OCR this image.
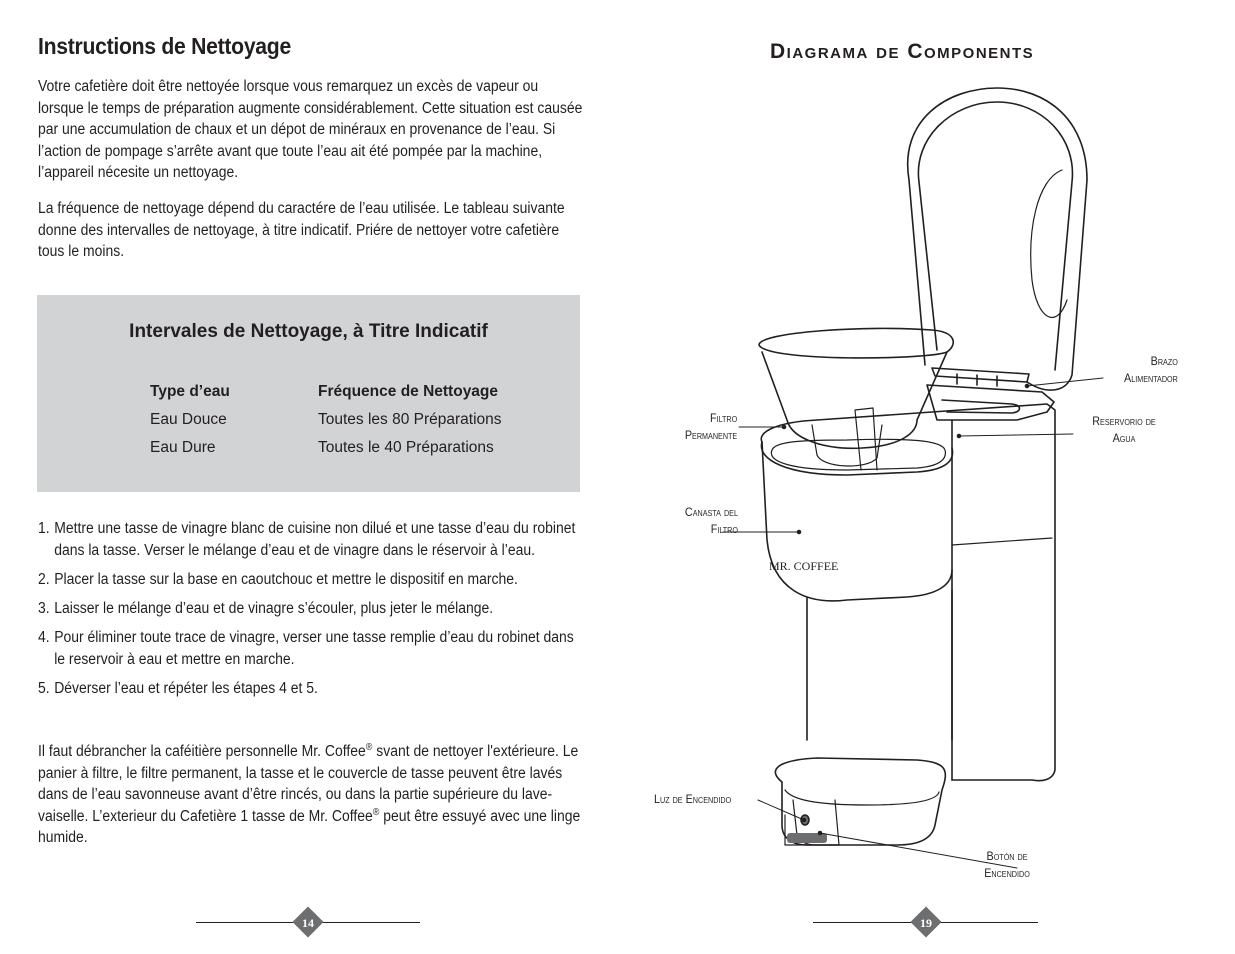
Instructions de Nettoyage

Votre cafetière doit être nettoyée lorsque vous remarquez un excès de vapeur ou lorsque le temps de préparation augmente considérablement. Cette situation est causée par une accumulation de chaux et un dépot de minéraux en provenance de l’eau. Si l’action de pompage s’arrête avant que toute l’eau ait été pompée par la machine, l’appareil nécesite un nettoyage.

La fréquence de nettoyage dépend du caractére de l’eau utilisée. Le tableau suivante donne des intervalles de nettoyage, à titre indicatif. Priére de nettoyer votre cafetière tous le moins.

Intervales de Nettoyage, à Titre Indicatif
Type d’eau	Fréquence de Nettoyage
Eau Douce	Toutes les 80 Préparations
Eau Dure	Toutes le 40 Préparations
1. Mettre une tasse de vinagre blanc de cuisine non dilué et une tasse d’eau du robinet dans la tasse. Verser le mélange d’eau et de vinagre dans le réservoir à l’eau.
2. Placer la tasse sur la base en caoutchouc et mettre le dispositif en marche.
3. Laisser le mélange d’eau et de vinagre s’écouler, plus jeter le mélange.
4. Pour éliminer toute trace de vinagre, verser une tasse remplie d’eau du robinet dans le reservoir à eau et mettre en marche.
5. Déverser l’eau et répéter les étapes 4 et 5.

Il faut débrancher la caféitière personnelle Mr. Coffee® svant de nettoyer l'extérieure. Le panier à filtre, le filtre permanent, la tasse et le couvercle de tasse peuvent être lavés dans de l’eau savonneuse avant d’être rincés, ou dans la partie supérieure du lave-vaiselle. L’exterieur du Cafetière 1 tasse de Mr. Coffee® peut être essuyé avec une linge humide.

14
Diagrama de Components
MR. COFFEE
Brazo
Alimentador
Reservorio de
Agua
Filtro
Permanente
Canasta del
Filtro
Luz de Encendido
Botón de
Encendido
19
